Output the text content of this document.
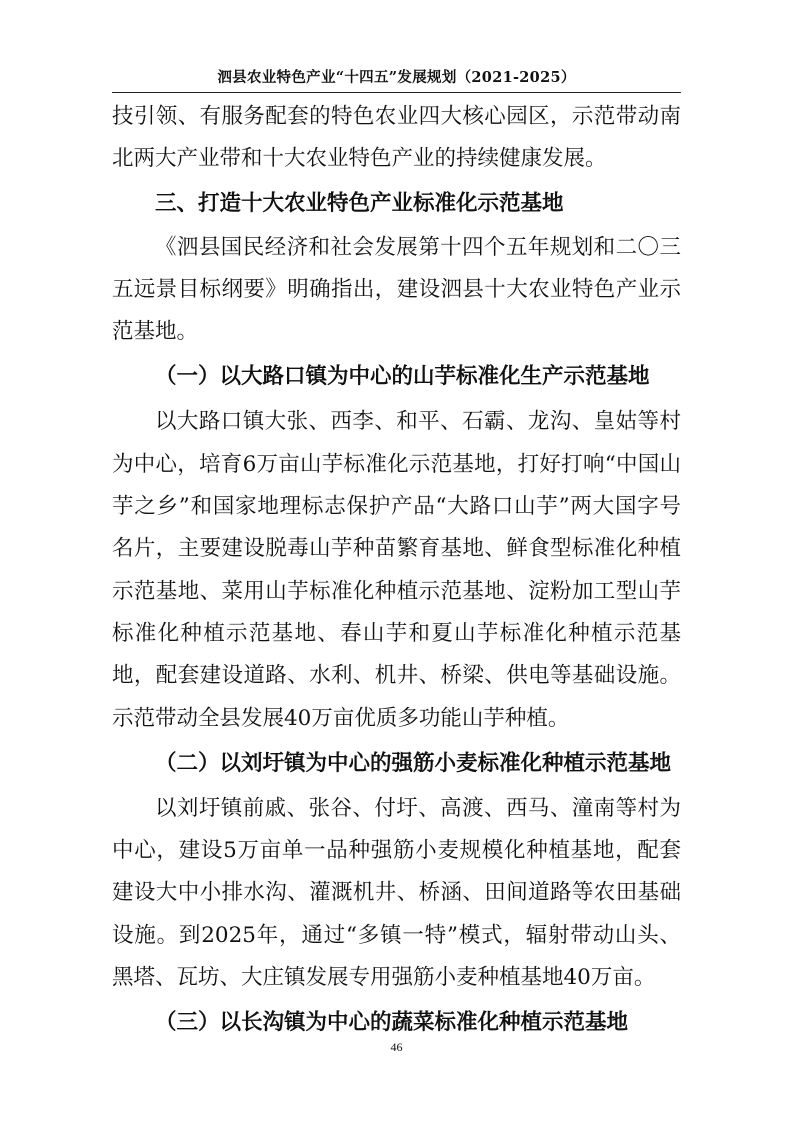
泗县农业特色产业“十四五”发展规划（2021-2025）

技引领、有服务配套的特色农业四大核心园区，示范带动南北两大产业带和十大农业特色产业的持续健康发展。

三、打造十大农业特色产业标准化示范基地

《泗县国民经济和社会发展第十四个五年规划和二〇三五远景目标纲要》明确指出，建设泗县十大农业特色产业示范基地。

（一）以大路口镇为中心的山芋标准化生产示范基地

以大路口镇大张、西李、和平、石霸、龙沟、皇姑等村为中心，培育6万亩山芋标准化示范基地，打好打响“中国山芋之乡”和国家地理标志保护产品“大路口山芋”两大国字号名片，主要建设脱毒山芋种苗繁育基地、鲜食型标准化种植示范基地、菜用山芋标准化种植示范基地、淀粉加工型山芋标准化种植示范基地、春山芋和夏山芋标准化种植示范基地，配套建设道路、水利、机井、桥梁、供电等基础设施。示范带动全县发展40万亩优质多功能山芋种植。

（二）以刘圩镇为中心的强筋小麦标准化种植示范基地

以刘圩镇前戚、张谷、付圩、高渡、西马、潼南等村为中心，建设5万亩单一品种强筋小麦规模化种植基地，配套建设大中小排水沟、灌溉机井、桥涵、田间道路等农田基础设施。到2025年，通过“多镇一特”模式，辐射带动山头、黑塔、瓦坊、大庄镇发展专用强筋小麦种植基地40万亩。

（三）以长沟镇为中心的蔬菜标准化种植示范基地
46
